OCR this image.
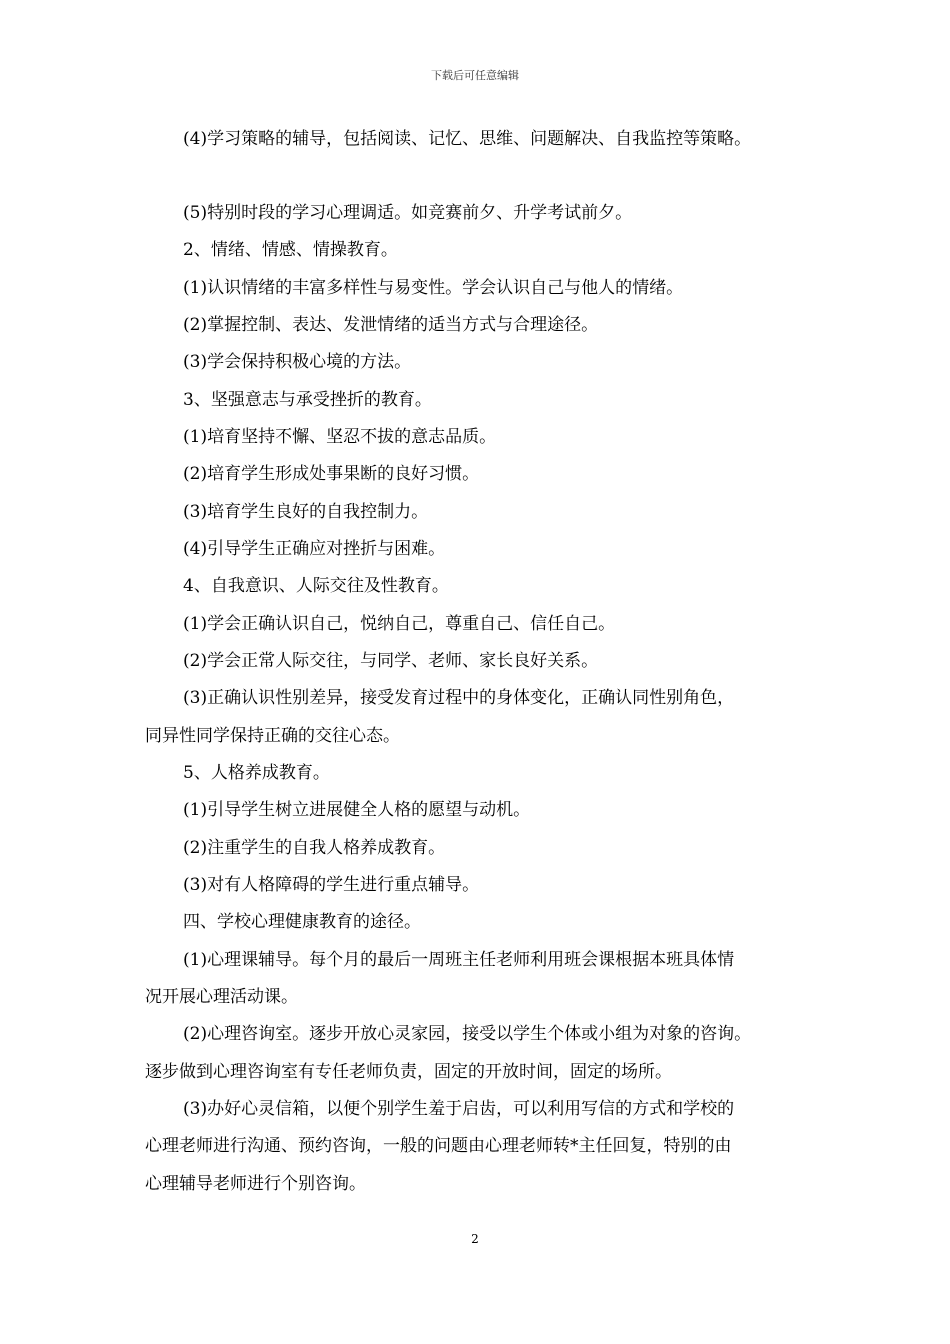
下载后可任意编辑
(4)学习策略的辅导，包括阅读、记忆、思维、问题解决、自我监控等策略。
(5)特别时段的学习心理调适。如竞赛前夕、升学考试前夕。
2、情绪、情感、情操教育。
(1)认识情绪的丰富多样性与易变性。学会认识自己与他人的情绪。
(2)掌握控制、表达、发泄情绪的适当方式与合理途径。
(3)学会保持积极心境的方法。
3、坚强意志与承受挫折的教育。
(1)培育坚持不懈、坚忍不拔的意志品质。
(2)培育学生形成处事果断的良好习惯。
(3)培育学生良好的自我控制力。
(4)引导学生正确应对挫折与困难。
4、自我意识、人际交往及性教育。
(1)学会正确认识自己，悦纳自己，尊重自己、信任自己。
(2)学会正常人际交往，与同学、老师、家长良好关系。
(3)正确认识性别差异，接受发育过程中的身体变化，正确认同性别角色，
同异性同学保持正确的交往心态。
5、人格养成教育。
(1)引导学生树立进展健全人格的愿望与动机。
(2)注重学生的自我人格养成教育。
(3)对有人格障碍的学生进行重点辅导。
四、学校心理健康教育的途径。
(1)心理课辅导。每个月的最后一周班主任老师利用班会课根据本班具体情
况开展心理活动课。
(2)心理咨询室。逐步开放心灵家园，接受以学生个体或小组为对象的咨询。
逐步做到心理咨询室有专任老师负责，固定的开放时间，固定的场所。
(3)办好心灵信箱，以便个别学生羞于启齿，可以利用写信的方式和学校的
心理老师进行沟通、预约咨询，一般的问题由心理老师转*主任回复，特别的由
心理辅导老师进行个别咨询。
2
